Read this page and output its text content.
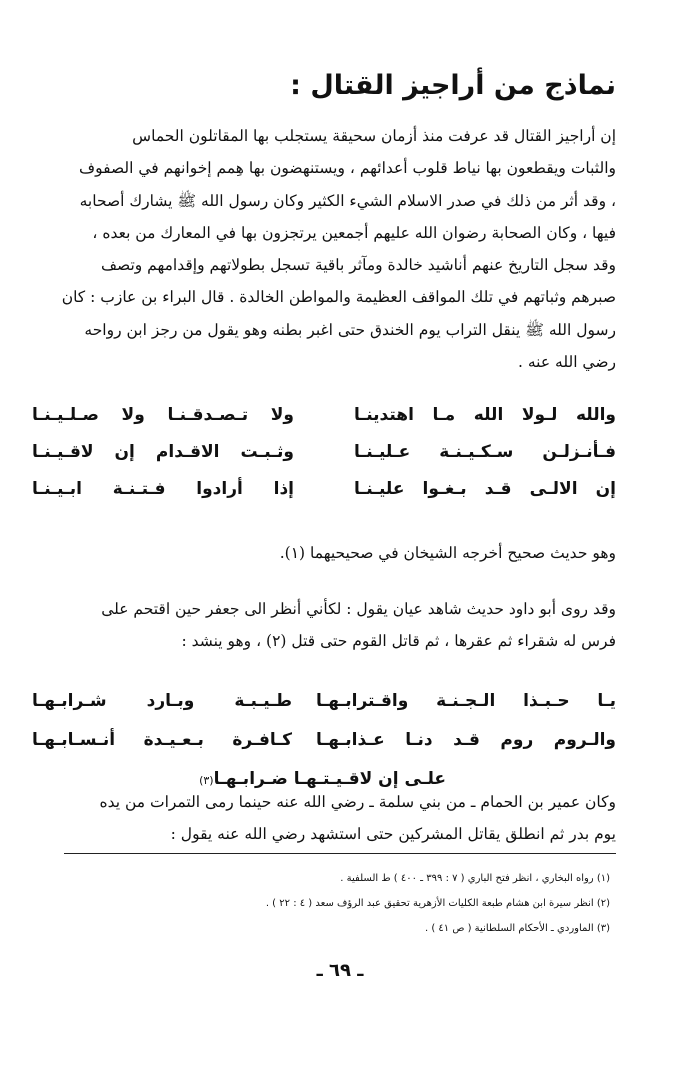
نماذج من أراجيز القتال :
إن أراجيز القتال قد عرفت منذ أزمان سحيقة يستجلب بها المقاتلون الحماس
والثبات ويقطعون بها نياط قلوب أعدائهم ، ويستنهضون بها هِمم إخوانهم في الصفوف
، وقد أثر من ذلك في صدر الاسلام الشيء الكثير وكان رسول الله ﷺ يشارك أصحابه
فيها ، وكان الصحابة رضوان الله عليهم أجمعين يرتجزون بها في المعارك من بعده ،
وقد سجل التاريخ عنهم أناشيد خالدة ومآثر باقية تسجل بطولاتهم وإقدامهم وتصف
صبرهم وثباتهم في تلك المواقف العظيمة والمواطن الخالدة . قال البراء بن عازب : كان
رسول الله ﷺ ينقل التراب يوم الخندق حتى اغبر بطنه وهو يقول من رجز ابن رواحه
رضي الله عنه .
والله لـولا الله مـا اهتدينـا
ولا تـصـدقـنـا ولا صـلـيـنـا
فـأنـزلـن سـكـيـنـة عـليـنـا
وثـبـت الاقـدام إن لاقـيـنـا
إن الالـى قـد بـغـوا عليـنـا
إذا أرادوا فـتـنـة ابـيـنـا
وهو حديث صحيح أخرجه الشيخان في صحيحيهما (١).
وقد روى أبو داود حديث شاهد عيان يقول : لكأني أنظر الى جعفر حين اقتحم على
فرس له شقراء ثم عقرها ، ثم قاتل القوم حتى قتل (٢) ، وهو ينشد :
يـا حـبـذا الـجـنـة واقـترابـهـا
طـيـبـة وبـارد شـرابـهـا
والـروم روم قـد دنـا عـذابـهـا
كـافـرة بـعـيـدة أنـسـابـهـا
علـى إن لاقـيـتـهـا ضـرابـهـا(٣)
وكان عمير بن الحمام ـ من بني سلمة ـ رضي الله عنه حينما رمى التمرات من يده
يوم بدر ثم انطلق يقاتل المشركين حتى استشهد رضي الله عنه يقول :
(١) رواه البخاري ، انظر فتح الباري ( ٧ : ٣٩٩ ـ ٤٠٠ ) ط السلفية .
(٢) انظر سيرة ابن هشام طبعة الكليات الأزهرية تحقيق عبد الرؤف سعد ( ٤ : ٢٢ ) .
(٣) الماوردي ـ الأحكام السلطانية ( ص ٤١ ) .
ـ ٦٩ ـ
